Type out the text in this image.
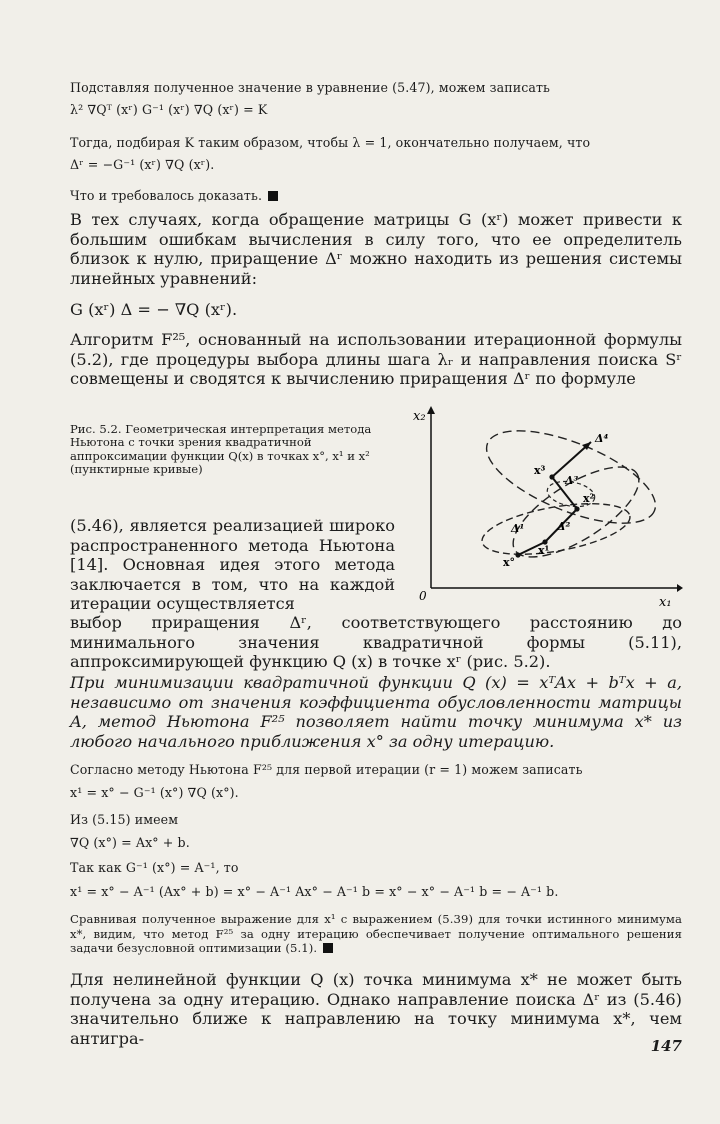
Подставляя полученное значение в уравнение (5.47), можем записать

λ² ∇Qᵀ (xʳ) G⁻¹ (xʳ) ∇Q (xʳ) = K

Тогда, подбирая K таким образом, чтобы λ = 1, окончательно получаем, что

Δʳ = −G⁻¹ (xʳ) ∇Q (xʳ).

Что и требовалось доказать.

В тех случаях, когда обращение матрицы G (xʳ) может привести к большим ошибкам вычисления в силу того, что ее определитель близок к нулю, приращение Δʳ можно находить из решения системы линейных уравнений:

G (xʳ) Δ = − ∇Q (xʳ).

Алгоритм F²⁵, основанный на использовании итерационной формулы (5.2), где процедуры выбора длины шага λᵣ и направления поиска Sʳ совмещены и сводятся к вычислению приращения Δʳ по формуле

Рис. 5.2. Геометрическая интерпретация метода Ньютона с точки зрения квадратичной аппроксимации функции Q(x) в точках x°, x¹ и x² (пунктирные кривые)

(5.46), является реализацией широко распространенного метода Ньютона [14]. Основная идея этого метода заключается в том, что на каждой итерации осуществляется

выбор приращения Δʳ, соответствующего расстоянию до минимального значения квадратичной формы (5.11), аппроксимирующей функцию Q (x) в точке xʳ (рис. 5.2).

При минимизации квадратичной функции Q (x) = xᵀAx + bᵀx + a, независимо от значения коэффициента обусловленности матрицы A, метод Ньютона F²⁵ позволяет найти точку минимума x* из любого начального приближения x° за одну итерацию.

Согласно методу Ньютона F²⁵ для первой итерации (r = 1) можем записать

x¹ = x° − G⁻¹ (x°) ∇Q (x°).

Из (5.15) имеем

∇Q (x°) = Ax° + b.

Так как G⁻¹ (x°) = A⁻¹, то

x¹ = x° − A⁻¹ (Ax° + b) = x° − A⁻¹ Ax° − A⁻¹ b = x° − x° − A⁻¹ b = − A⁻¹ b.

Сравнивая полученное выражение для x¹ с выражением (5.39) для точки истинного минимума x*, видим, что метод F²⁵ за одну итерацию обеспечивает получение оптимального решения задачи безусловной оптимизации (5.1).

Для нелинейной функции Q (x) точка минимума x* не может быть получена за одну итерацию. Однако направление поиска Δʳ из (5.46) значительно ближе к направлению на точку минимума x*, чем антигра-	147
x₁
x₂
0
x°
x¹
x²
x³
Δ¹	Δ²
Δ³
Δ⁴
